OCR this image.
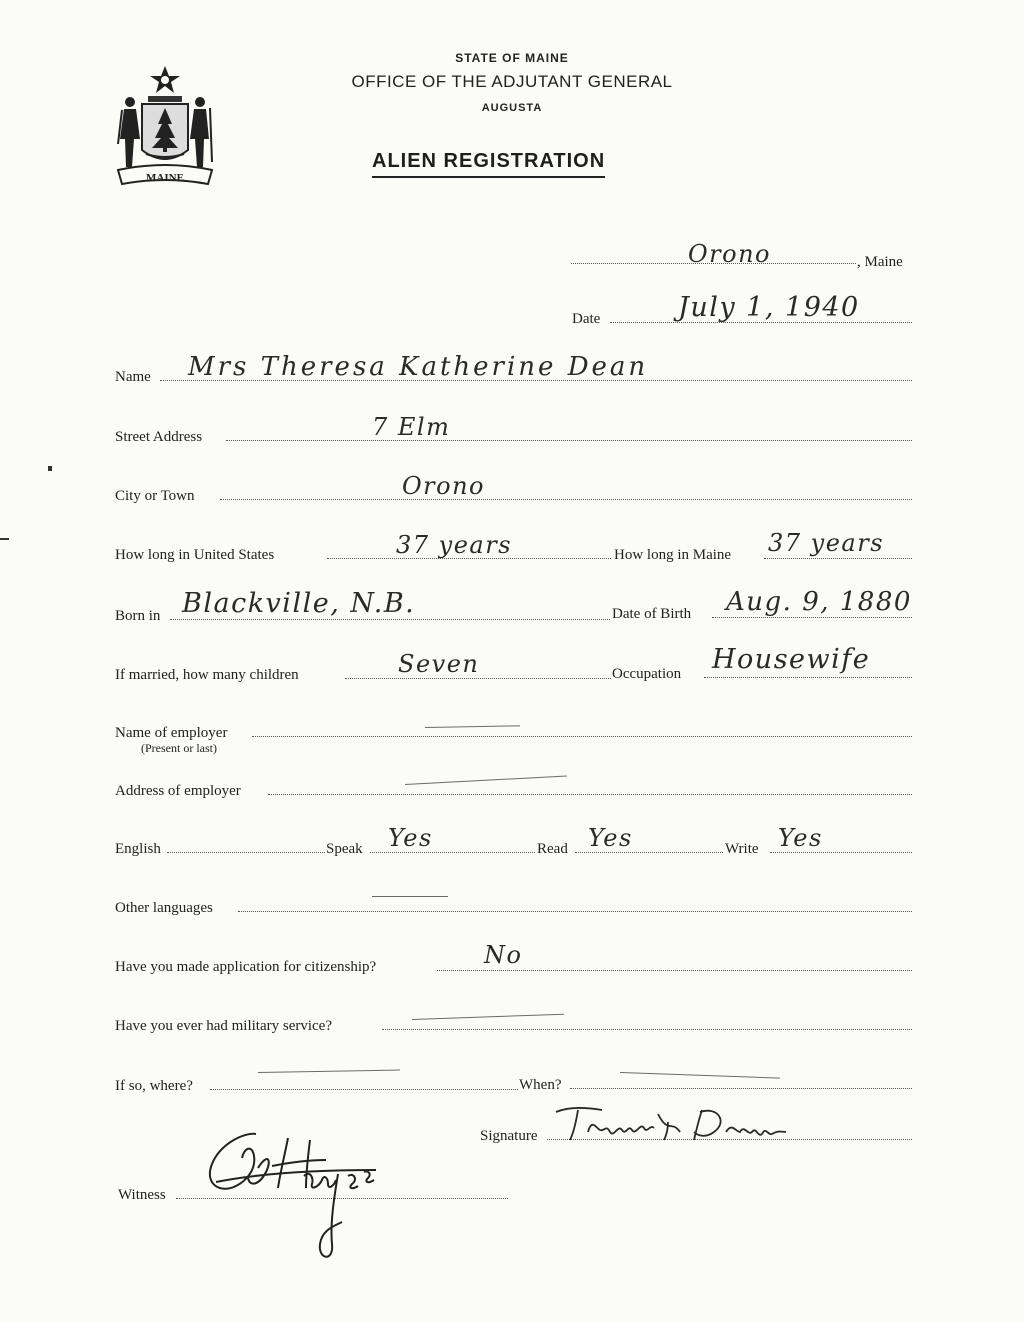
MAINE
STATE OF MAINE
OFFICE OF THE ADJUTANT GENERAL
AUGUSTA
ALIEN REGISTRATION
Orono	, Maine
Date	July 1, 1940
Name Mrs Theresa Katherine Dean
Street Address	7 Elm
City or Town	Orono
How long in United States	37 years	How long in Maine 37 years
Born in Blackville, N.B.	Date of Birth Aug. 9, 1880
If married, how many children	Seven	Occupation Housewife
Name of employer
(Present or last)
Address of employer
English	Speak Yes	Read Yes	Write Yes
Other languages
Have you made application for citizenship?	No
Have you ever had military service?
If so, where?	When?
Signature
Witness
